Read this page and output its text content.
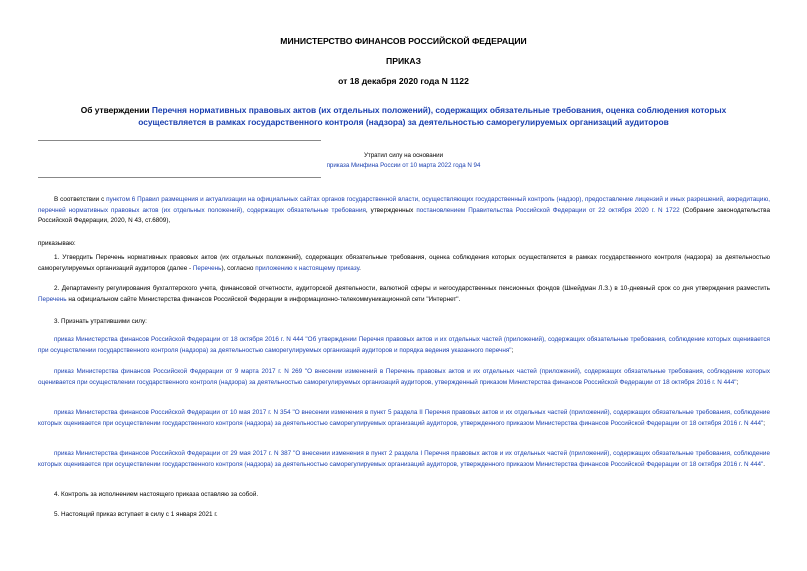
МИНИСТЕРСТВО ФИНАНСОВ РОССИЙСКОЙ ФЕДЕРАЦИИ
ПРИКАЗ
от 18 декабря 2020 года N 1122
Об утверждении Перечня нормативных правовых актов (их отдельных положений), содержащих обязательные требования, оценка соблюдения которых осуществляется в рамках государственного контроля (надзора) за деятельностью саморегулируемых организаций аудиторов
Утратил силу на основании
приказа Минфина России от 10 марта 2022 года N 94
В соответствии с пунктом 6 Правил размещения и актуализации на официальных сайтах органов государственной власти, осуществляющих государственный контроль (надзор), предоставление лицензий и иных разрешений, аккредитацию, перечней нормативных правовых актов (их отдельных положений), содержащих обязательные требования, утвержденных постановлением Правительства Российской Федерации от 22 октября 2020 г. N 1722 (Собрание законодательства Российской Федерации, 2020, N 43, ст.6809),
приказываю:
1. Утвердить Перечень нормативных правовых актов (их отдельных положений), содержащих обязательные требования, оценка соблюдения которых осуществляется в рамках государственного контроля (надзора) за деятельностью саморегулируемых организаций аудиторов (далее - Перечень), согласно приложению к настоящему приказу.
2. Департаменту регулирования бухгалтерского учета, финансовой отчетности, аудиторской деятельности, валютной сферы и негосударственных пенсионных фондов (Шнейдман Л.З.) в 10-дневный срок со дня утверждения разместить Перечень на официальном сайте Министерства финансов Российской Федерации в информационно-телекоммуникационной сети "Интернет".
3. Признать утратившими силу:
приказ Министерства финансов Российской Федерации от 18 октября 2016 г. N 444 "Об утверждении Перечня правовых актов и их отдельных частей (приложений), содержащих обязательные требования, соблюдение которых оценивается при осуществлении государственного контроля (надзора) за деятельностью саморегулируемых организаций аудиторов и порядка ведения указанного перечня";
приказ Министерства финансов Российской Федерации от 9 марта 2017 г. N 269 "О внесении изменений в Перечень правовых актов и их отдельных частей (приложений), содержащих обязательные требования, соблюдение которых оценивается при осуществлении государственного контроля (надзора) за деятельностью саморегулируемых организаций аудиторов, утвержденный приказом Министерства финансов Российской Федерации от 18 октября 2016 г. N 444";
приказ Министерства финансов Российской Федерации от 10 мая 2017 г. N 354 "О внесении изменения в пункт 5 раздела II Перечня правовых актов и их отдельных частей (приложений), содержащих обязательные требования, соблюдение которых оценивается при осуществлении государственного контроля (надзора) за деятельностью саморегулируемых организаций аудиторов, утвержденного приказом Министерства финансов Российской Федерации от 18 октября 2016 г. N 444";
приказ Министерства финансов Российской Федерации от 29 мая 2017 г. N 387 "О внесении изменения в пункт 2 раздела I Перечня правовых актов и их отдельных частей (приложений), содержащих обязательные требования, соблюдение которых оценивается при осуществлении государственного контроля (надзора) за деятельностью саморегулируемых организаций аудиторов, утвержденного приказом Министерства финансов Российской Федерации от 18 октября 2016 г. N 444".
4. Контроль за исполнением настоящего приказа оставляю за собой.
5. Настоящий приказ вступает в силу с 1 января 2021 г.
